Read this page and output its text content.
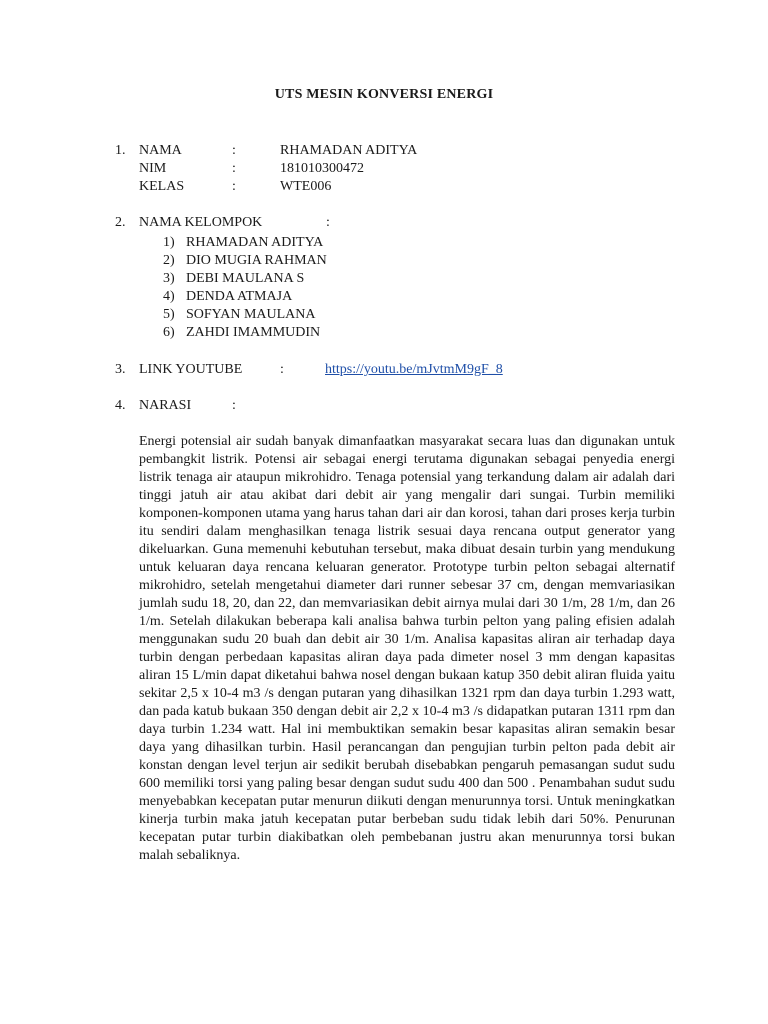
UTS MESIN KONVERSI ENERGI
1. NAMA	:	RHAMADAN ADITYA
NIM	:	181010300472
KELAS	:	WTE006
2. NAMA KELOMPOK	:
1) RHAMADAN ADITYA
2) DIO MUGIA RAHMAN
3) DEBI MAULANA S
4) DENDA ATMAJA
5) SOFYAN MAULANA
6) ZAHDI IMAMMUDIN
3. LINK YOUTUBE	:	https://youtu.be/mJvtmM9gF_8
4. NARASI	:
Energi potensial air sudah banyak dimanfaatkan masyarakat secara luas dan digunakan untuk pembangkit listrik. Potensi air sebagai energi terutama digunakan sebagai penyedia energi listrik tenaga air ataupun mikrohidro. Tenaga potensial yang terkandung dalam air adalah dari tinggi jatuh air atau akibat dari debit air yang mengalir dari sungai. Turbin memiliki komponen-komponen utama yang harus tahan dari air dan korosi, tahan dari proses kerja turbin itu sendiri dalam menghasilkan tenaga listrik sesuai daya rencana output generator yang dikeluarkan. Guna memenuhi kebutuhan tersebut, maka dibuat desain turbin yang mendukung untuk keluaran daya rencana keluaran generator. Prototype turbin pelton sebagai alternatif mikrohidro, setelah mengetahui diameter dari runner sebesar 37 cm, dengan memvariasikan jumlah sudu 18, 20, dan 22, dan memvariasikan debit airnya mulai dari 30 1/m, 28 1/m, dan 26 1/m. Setelah dilakukan beberapa kali analisa bahwa turbin pelton yang paling efisien adalah menggunakan sudu 20 buah dan debit air 30 1/m. Analisa kapasitas aliran air terhadap daya turbin dengan perbedaan kapasitas aliran daya pada dimeter nosel 3 mm dengan kapasitas aliran 15 L/min dapat diketahui bahwa nosel dengan bukaan katup 350 debit aliran fluida yaitu sekitar 2,5 x 10-4 m3 /s dengan putaran yang dihasilkan 1321 rpm dan daya turbin 1.293 watt, dan pada katub bukaan 350 dengan debit air 2,2 x 10-4 m3 /s didapatkan putaran 1311 rpm dan daya turbin 1.234 watt. Hal ini membuktikan semakin besar kapasitas aliran semakin besar daya yang dihasilkan turbin. Hasil perancangan dan pengujian turbin pelton pada debit air konstan dengan level terjun air sedikit berubah disebabkan pengaruh pemasangan sudut sudu 600 memiliki torsi yang paling besar dengan sudut sudu 400 dan 500 . Penambahan sudut sudu menyebabkan kecepatan putar menurun diikuti dengan menurunnya torsi. Untuk meningkatkan kinerja turbin maka jatuh kecepatan putar berbeban sudu tidak lebih dari 50%. Penurunan kecepatan putar turbin diakibatkan oleh pembebanan justru akan menurunnya torsi bukan malah sebaliknya.
